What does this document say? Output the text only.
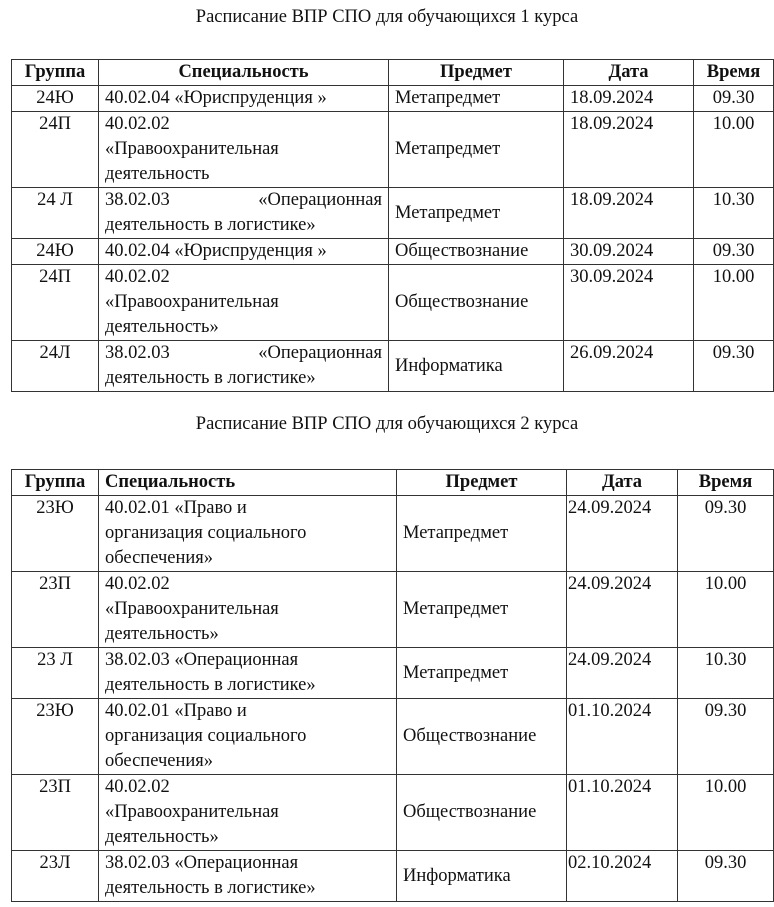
Расписание ВПР СПО для обучающихся 1 курса
Группа	Специальность	Предмет	Дата	Время
24Ю	40.02.04 «Юриспруденция »	Метапредмет	18.09.2024	09.30
24П	40.02.02
«Правоохранительная
деятельность	Метапредмет	18.09.2024	10.00
24 Л	38.02.03 «Операционная
деятельность в логистике»	Метапредмет	18.09.2024	10.30
24Ю	40.02.04 «Юриспруденция »	Обществознание	30.09.2024	09.30
24П	40.02.02
«Правоохранительная
деятельность»	Обществознание	30.09.2024	10.00
24Л	38.02.03 «Операционная
деятельность в логистике»	Информатика	26.09.2024	09.30
Расписание ВПР СПО для обучающихся 2 курса
Группа	Специальность	Предмет	Дата	Время
23Ю	40.02.01 «Право и
организация социального
обеспечения»	Метапредмет	24.09.2024	09.30
23П	40.02.02
«Правоохранительная
деятельность»	Метапредмет	24.09.2024	10.00
23 Л	38.02.03 «Операционная
деятельность в логистике»	Метапредмет	24.09.2024	10.30
23Ю	40.02.01 «Право и
организация социального
обеспечения»	Обществознание	01.10.2024	09.30
23П	40.02.02
«Правоохранительная
деятельность»	Обществознание	01.10.2024	10.00
23Л	38.02.03 «Операционная
деятельность в логистике»	Информатика	02.10.2024	09.30
